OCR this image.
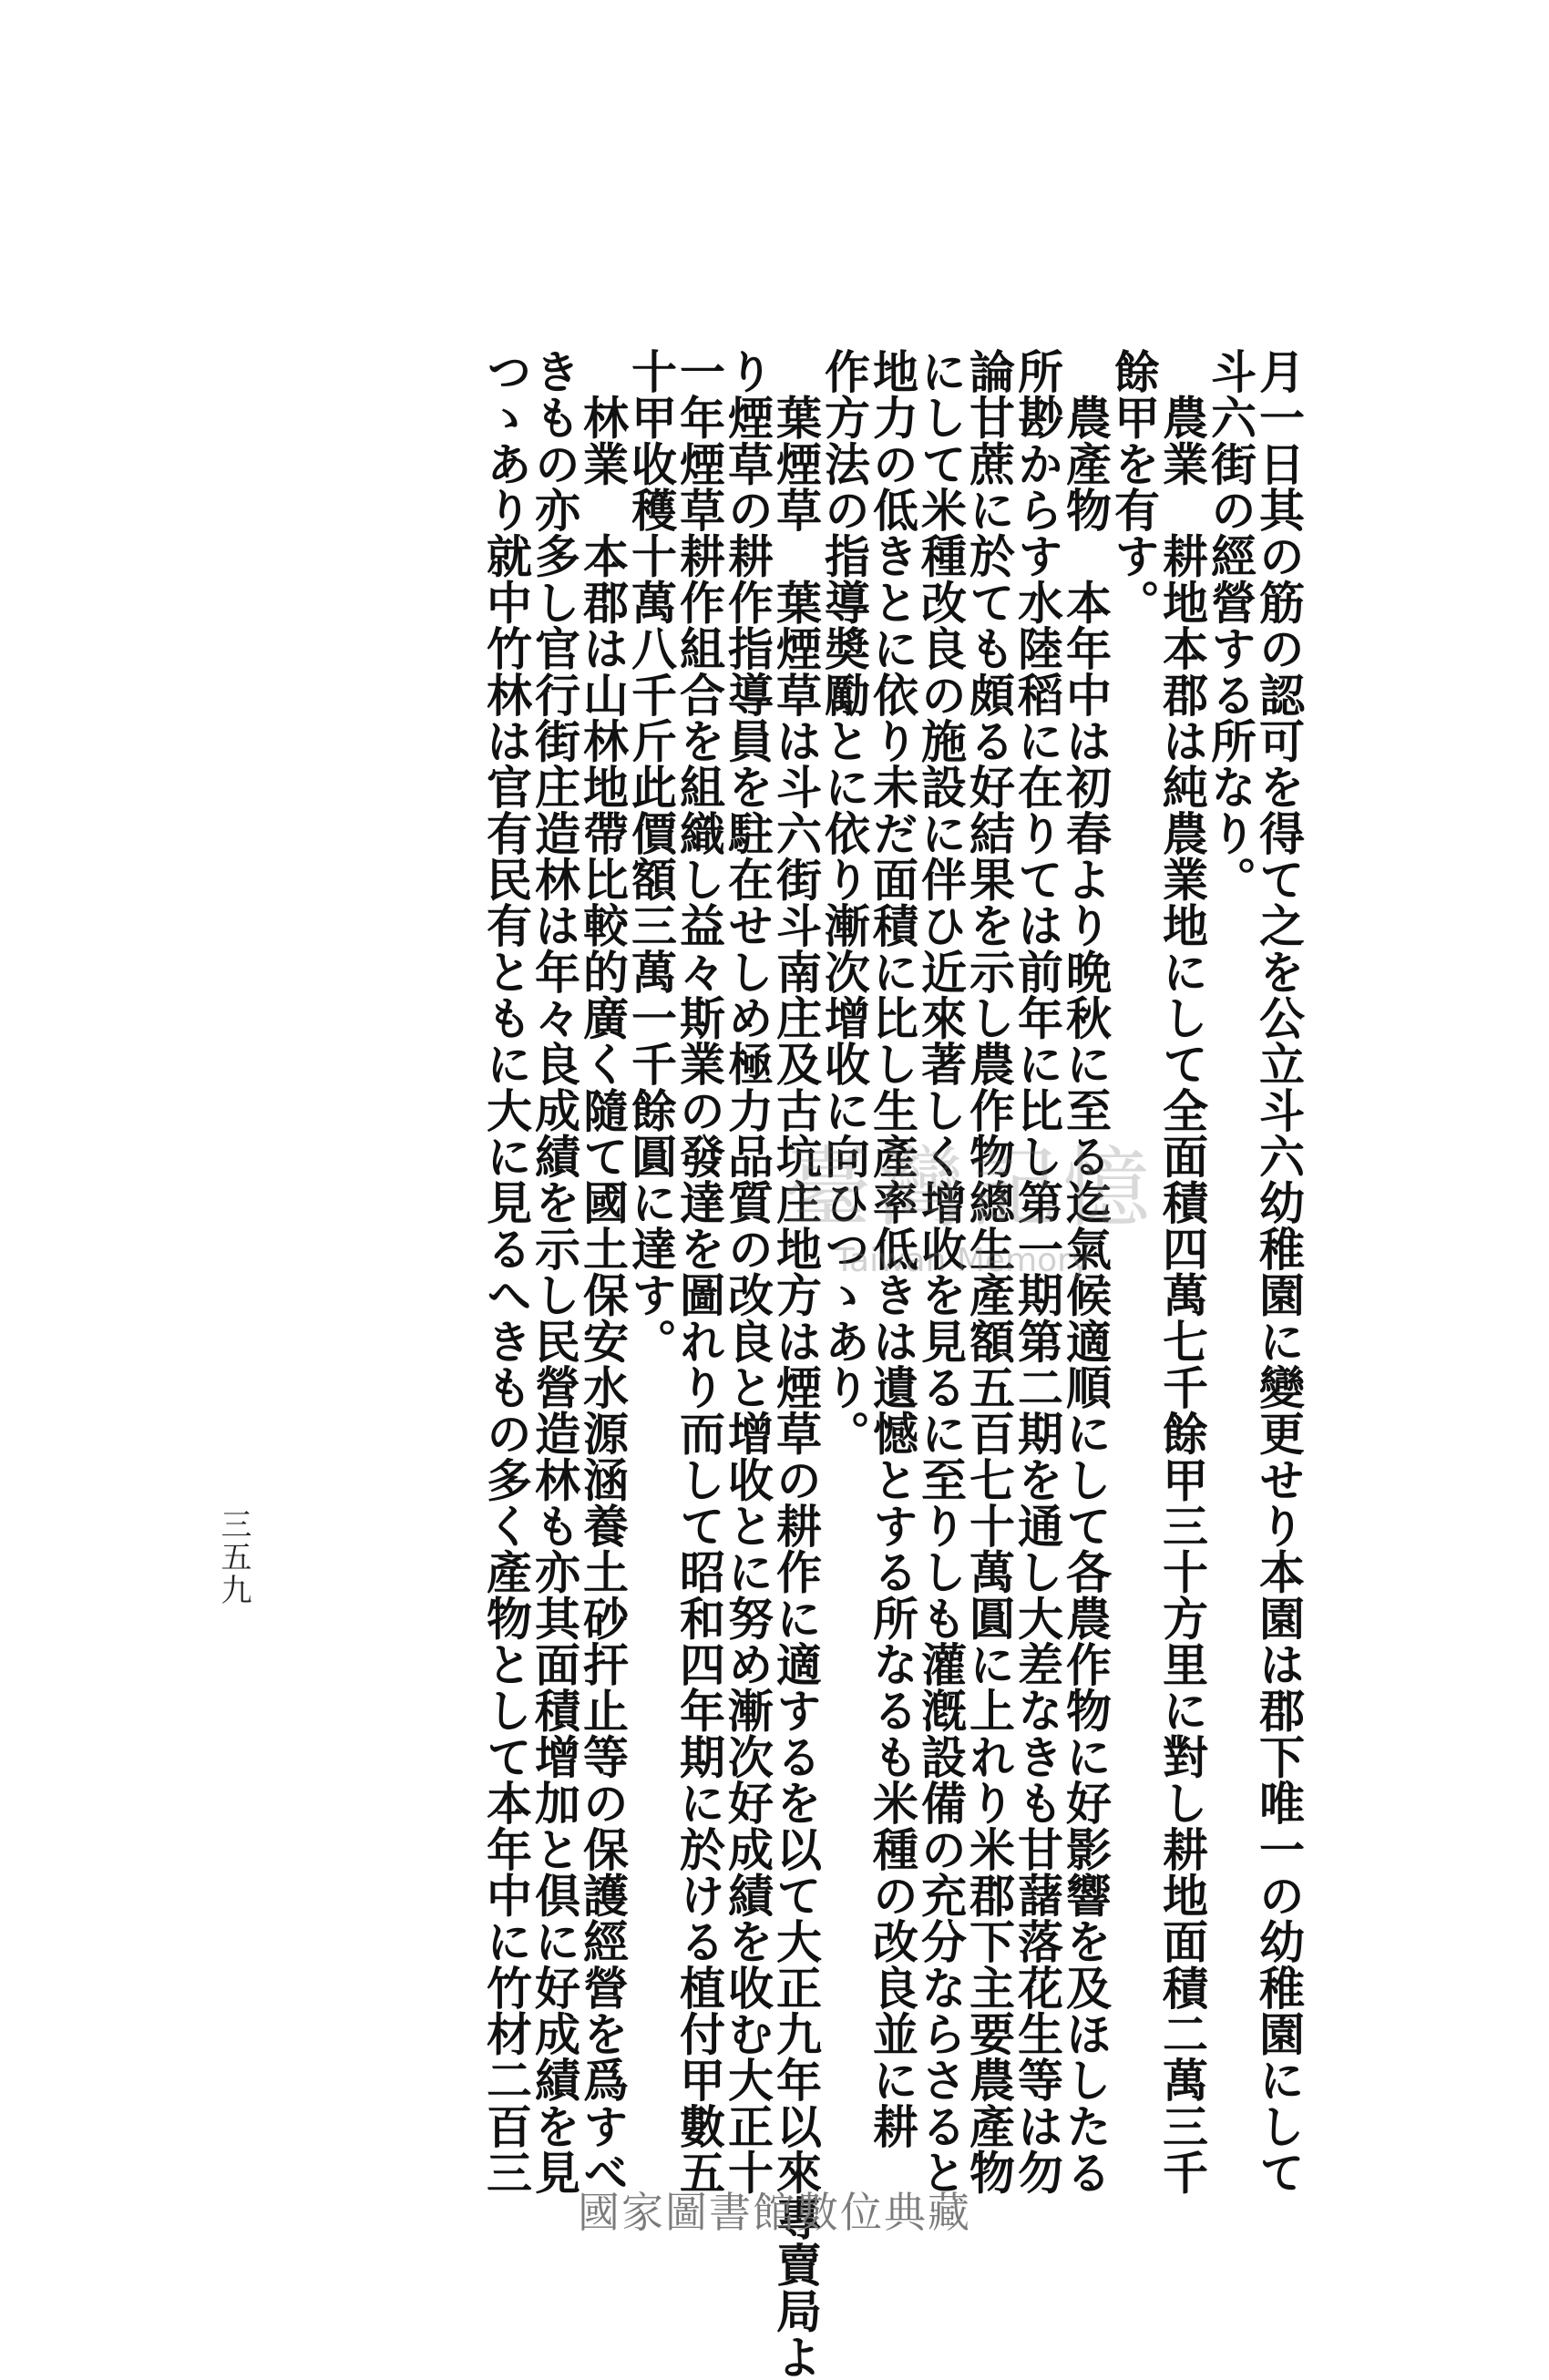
月一日其の筋の認可を得て之を公立斗六幼稚園に變更せり本園は郡下唯一の幼稚園にして
斗六街の經營する所なり。
　農業　耕地本郡は純農業地にして全面積四萬七千餘甲三十方里に對し耕地面積二萬三千
餘甲を有す。
　農產物　本年中は初春より晩秋に至る迄氣候適順にして各農作物に好影響を及ほしたる
所尠からす水陸稻に在りては前年に比し第一期第二期を通し大差なきも甘藷落花生等は勿
論甘蔗に於ても頗る好結果を示し農作物總生產額五百七十萬圓に上れり米郡下主要農產物
にして米種改良の施設に伴ひ近來著しく增收を見るに至りしも灌漑設備の充分ならさると
地力の低きとに依り未だ面積に比し生產率低きは遺憾とする所なるも米種の改良並に耕
作方法の指導奬勵とに依り漸次增收に向ひつゝあり。
　葉煙草　葉煙草は斗六街斗南庄及古坑庄地方は煙草の耕作に適するを以て大正九年以來專賣局よ
り煙草の耕作指導員を駐在せしめ極力品質の改良と增收とに努め漸次好成績を收む大正十
一年煙草耕作組合を組織し益々斯業の發達を圖れり而して昭和四年期に於ける植付甲數五
十甲收穫十萬八千斤此價額三萬一千餘圓に達す。
　林業　本郡は山林地帶比較的廣く隨て國土保安水源涵養土砂扞止等の保護經營を爲すべ
きもの亦多し官行街庄造林は年々良成績を示し民營造林も亦其面積增加と倶に好成績を見
つゝあり就中竹林は官有民有ともに大に見るへきもの多く產物として本年中に竹材二百三
三五九
臺灣記憶
Taiwan Memory
國家圖書館數位典藏
